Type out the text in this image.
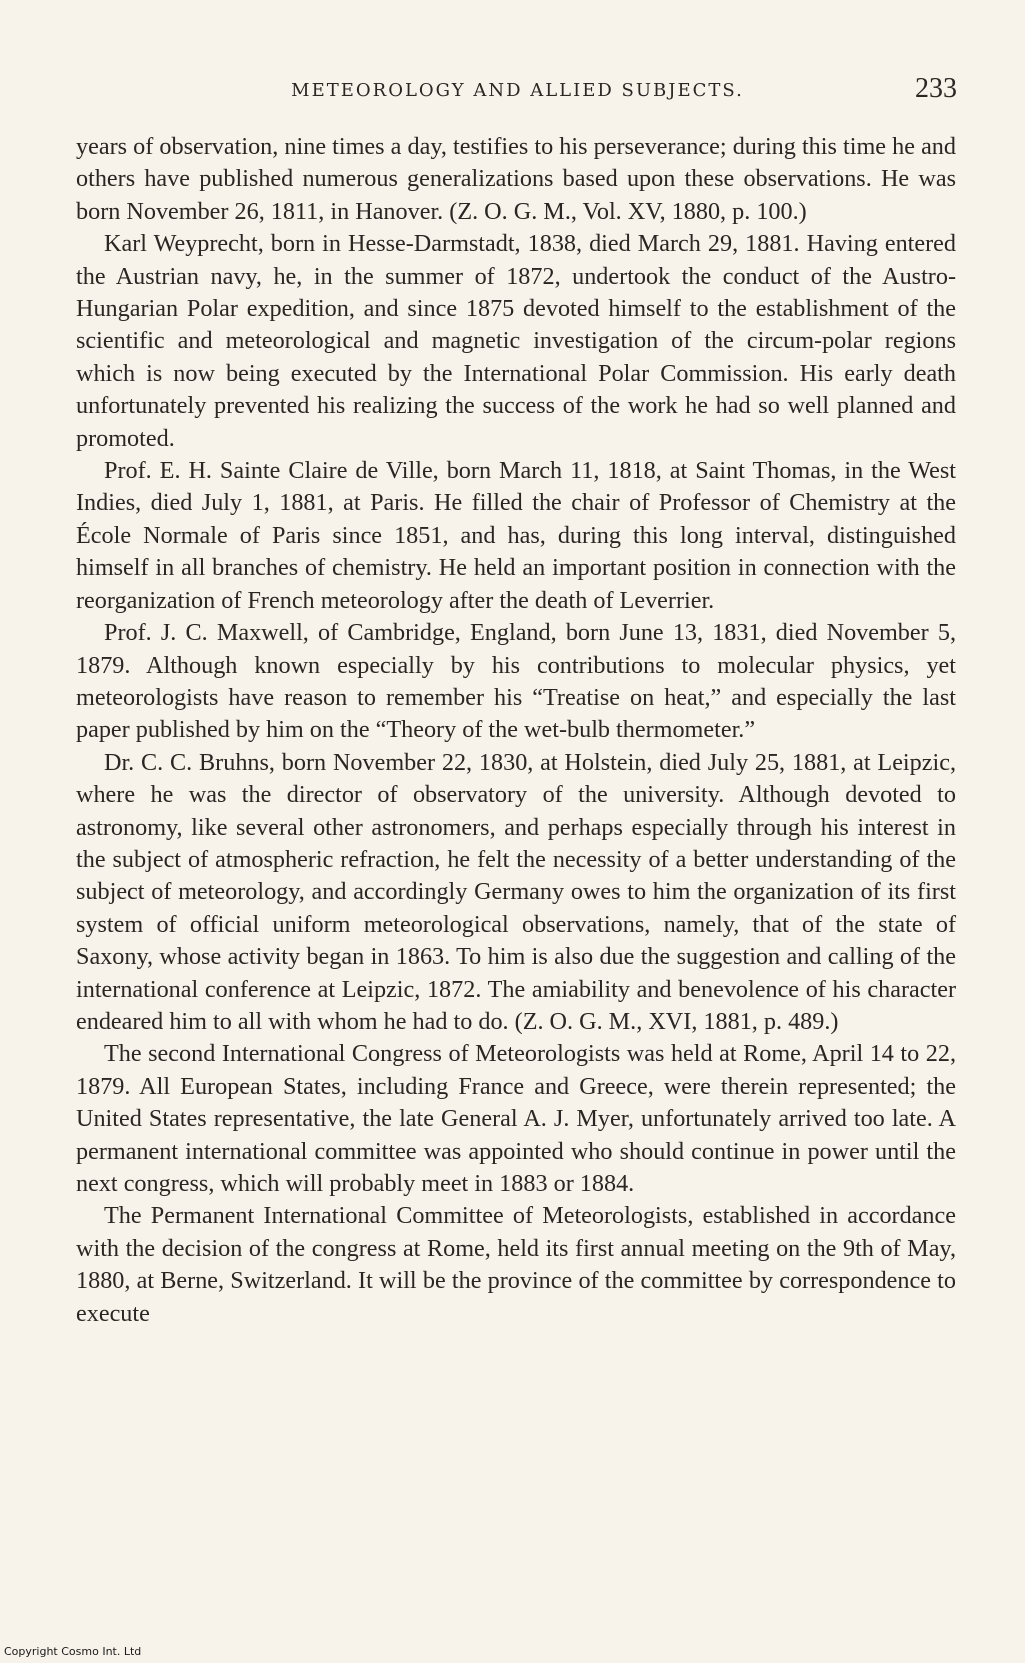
METEOROLOGY AND ALLIED SUBJECTS.	233

years of observation, nine times a day, testifies to his perseverance; during this time he and others have published numerous generalizations based upon these observations. He was born November 26, 1811, in Hanover. (Z. O. G. M., Vol. XV, 1880, p. 100.)

Karl Weyprecht, born in Hesse-Darmstadt, 1838, died March 29, 1881. Having entered the Austrian navy, he, in the summer of 1872, undertook the conduct of the Austro-Hungarian Polar expedition, and since 1875 devoted himself to the establishment of the scientific and meteorological and magnetic investigation of the circum-polar regions which is now being executed by the International Polar Commission. His early death unfortunately prevented his realizing the success of the work he had so well planned and promoted.

Prof. E. H. Sainte Claire de Ville, born March 11, 1818, at Saint Thomas, in the West Indies, died July 1, 1881, at Paris. He filled the chair of Professor of Chemistry at the École Normale of Paris since 1851, and has, during this long interval, distinguished himself in all branches of chemistry. He held an important position in connection with the reorganization of French meteorology after the death of Leverrier.

Prof. J. C. Maxwell, of Cambridge, England, born June 13, 1831, died November 5, 1879. Although known especially by his contributions to molecular physics, yet meteorologists have reason to remember his “Treatise on heat,” and especially the last paper published by him on the “Theory of the wet-bulb thermometer.”

Dr. C. C. Bruhns, born November 22, 1830, at Holstein, died July 25, 1881, at Leipzic, where he was the director of observatory of the university. Although devoted to astronomy, like several other astronomers, and perhaps especially through his interest in the subject of atmospheric refraction, he felt the necessity of a better understanding of the subject of meteorology, and accordingly Germany owes to him the organization of its first system of official uniform meteorological observations, namely, that of the state of Saxony, whose activity began in 1863. To him is also due the suggestion and calling of the international conference at Leipzic, 1872. The amiability and benevolence of his character endeared him to all with whom he had to do. (Z. O. G. M., XVI, 1881, p. 489.)

The second International Congress of Meteorologists was held at Rome, April 14 to 22, 1879. All European States, including France and Greece, were therein represented; the United States representative, the late General A. J. Myer, unfortunately arrived too late. A permanent international committee was appointed who should continue in power until the next congress, which will probably meet in 1883 or 1884.

The Permanent International Committee of Meteorologists, established in accordance with the decision of the congress at Rome, held its first annual meeting on the 9th of May, 1880, at Berne, Switzerland. It will be the province of the committee by correspondence to execute

Copyright Cosmo Int. Ltd
